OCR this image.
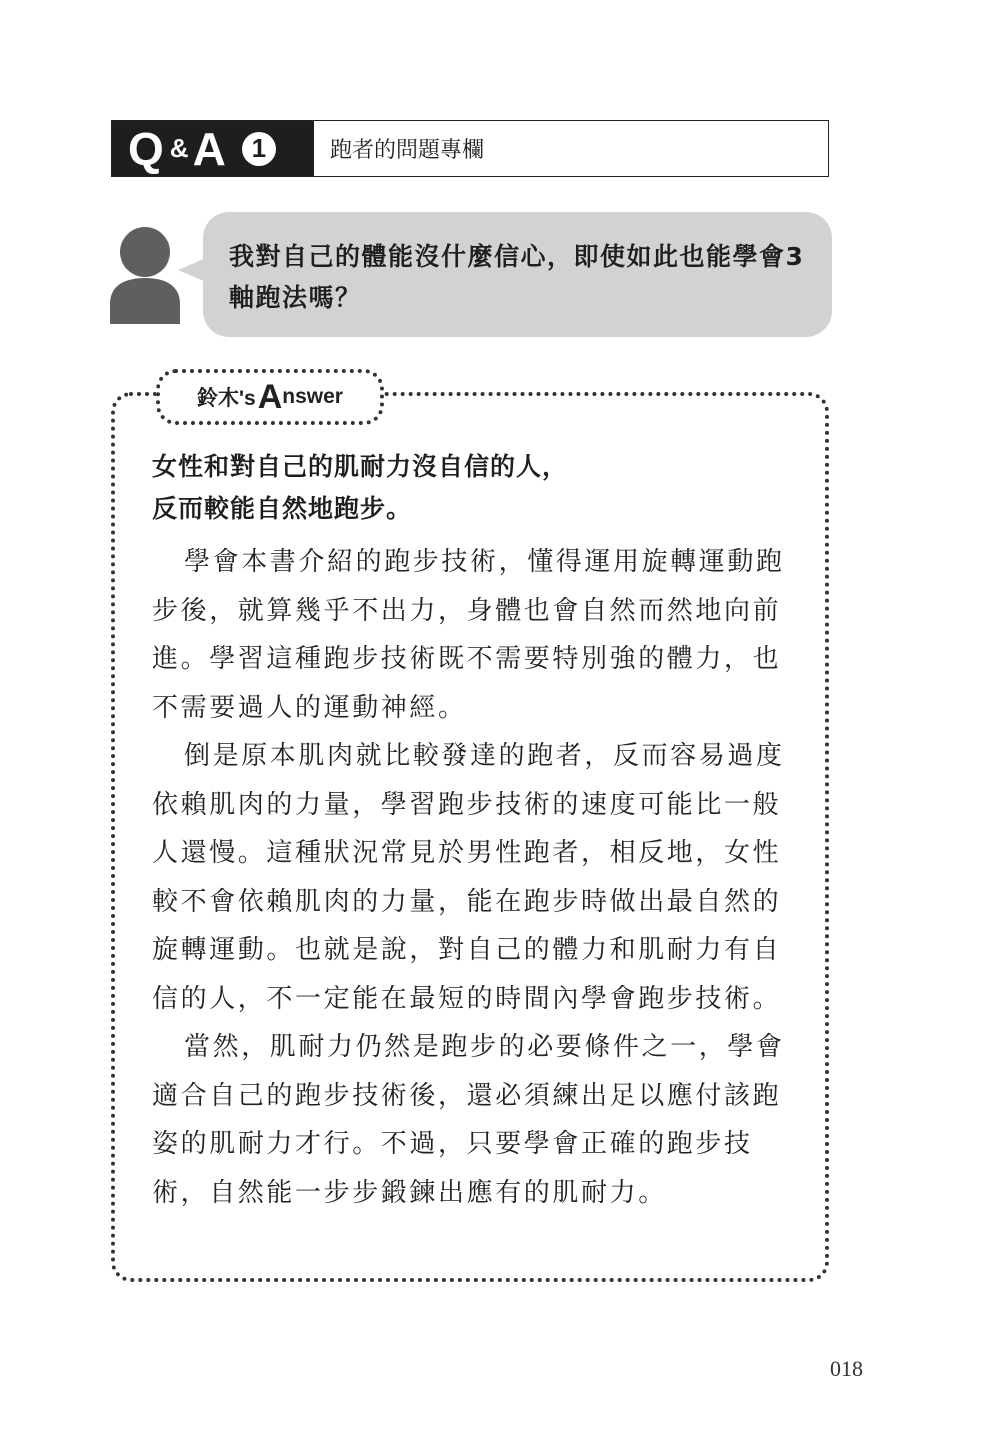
Q & A 1	跑者的問題專欄

我對自己的體能沒什麼信心，即使如此也能學會3軸跑法嗎？

鈴木's A nswer

女性和對自己的肌耐力沒自信的人，
反而較能自然地跑步。

學會本書介紹的跑步技術，懂得運用旋轉運動跑步後，就算幾乎不出力，身體也會自然而然地向前進。學習這種跑步技術既不需要特別強的體力，也不需要過人的運動神經。

倒是原本肌肉就比較發達的跑者，反而容易過度依賴肌肉的力量，學習跑步技術的速度可能比一般人還慢。這種狀況常見於男性跑者，相反地，女性較不會依賴肌肉的力量，能在跑步時做出最自然的旋轉運動。也就是說，對自己的體力和肌耐力有自信的人，不一定能在最短的時間內學會跑步技術。

當然，肌耐力仍然是跑步的必要條件之一，學會適合自己的跑步技術後，還必須練出足以應付該跑姿的肌耐力才行。不過，只要學會正確的跑步技術，自然能一步步鍛鍊出應有的肌耐力。

018
